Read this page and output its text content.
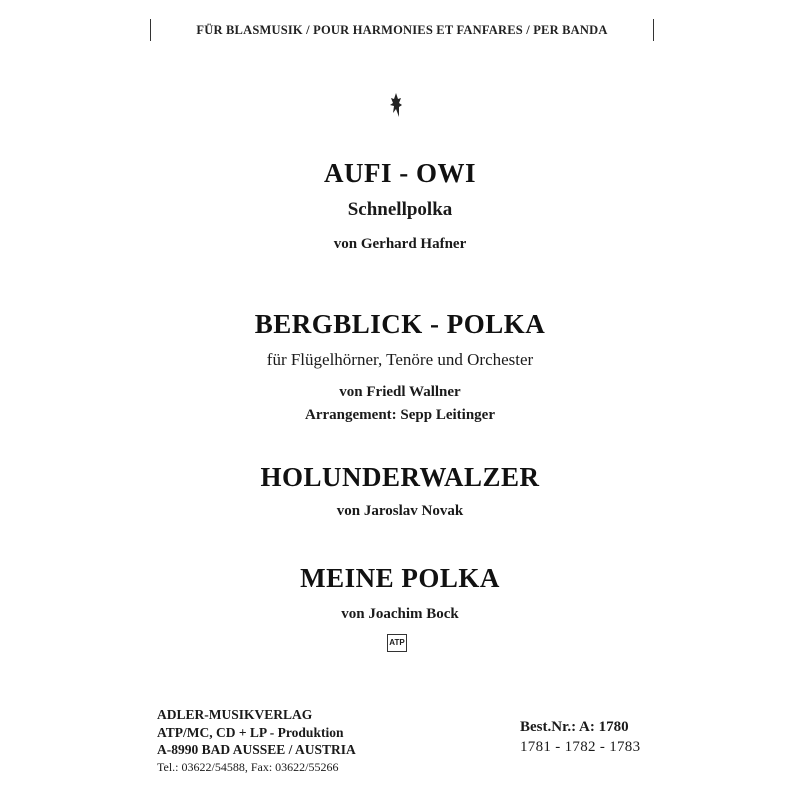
FÜR BLASMUSIK / POUR HARMONIES ET FANFARES / PER BANDA
AUFI - OWI
Schnellpolka
von Gerhard Hafner
BERGBLICK - POLKA
für Flügelhörner, Tenöre und Orchester
von Friedl Wallner
Arrangement: Sepp Leitinger
HOLUNDERWALZER
von Jaroslav Novak
MEINE POLKA
von Joachim Bock
ATP
ADLER-MUSIKVERLAG
ATP/MC, CD + LP - Produktion
A-8990 BAD AUSSEE / AUSTRIA
Tel.: 03622/54588, Fax: 03622/55266
Best.Nr.: A: 1780
1781 - 1782 - 1783
